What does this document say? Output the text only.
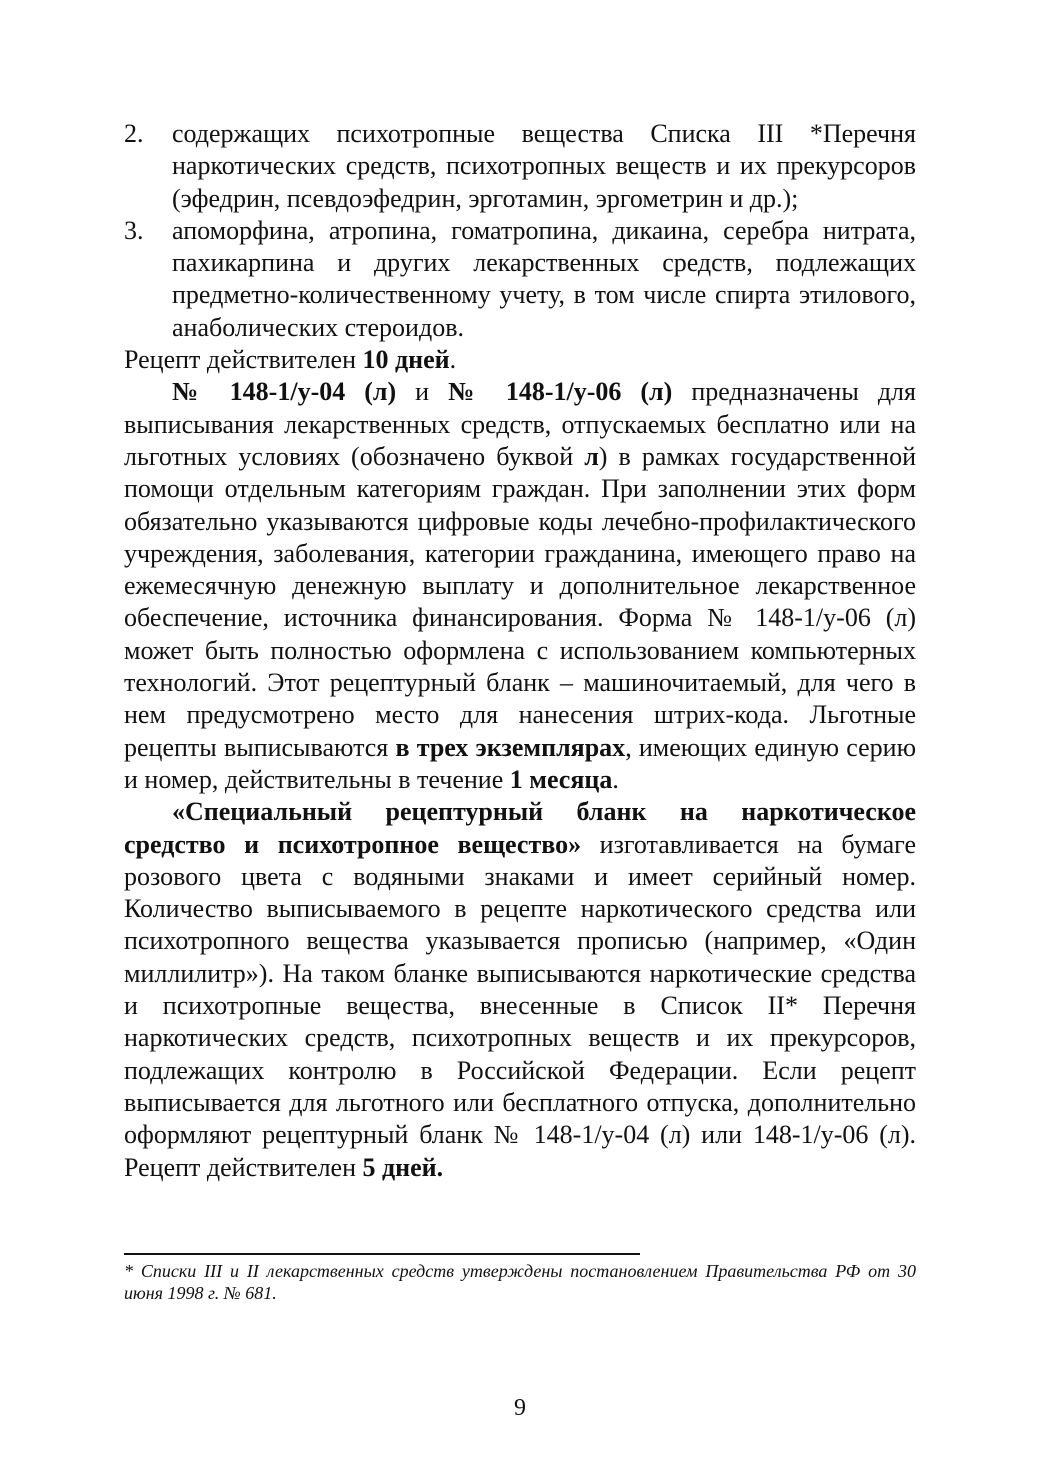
2. содержащих психотропные вещества Списка III *Перечня наркотических средств, психотропных веществ и их прекурсоров (эфедрин, псевдоэфедрин, эрготамин, эргометрин и др.);
3. апоморфина, атропина, гоматропина, дикаина, серебра нитрата, пахикарпина и других лекарственных средств, подлежащих предметно-количественному учету, в том числе спирта этилового, анаболических стероидов.

Рецепт действителен 10 дней.

№ 148-1/у-04 (л) и № 148-1/у-06 (л) предназначены для выписывания лекарственных средств, отпускаемых бесплатно или на льготных условиях (обозначено буквой л) в рамках государственной помощи отдельным категориям граждан. При заполнении этих форм обязательно указываются цифровые коды лечебно-профилактического учреждения, заболевания, категории гражданина, имеющего право на ежемесячную денежную выплату и дополнительное лекарственное обеспечение, источника финансирования. Форма № 148-1/у-06 (л) может быть полностью оформлена с использованием компьютерных технологий. Этот рецептурный бланк – машиночитаемый, для чего в нем предусмотрено место для нанесения штрих-кода. Льготные рецепты выписываются в трех экземплярах, имеющих единую серию и номер, действительны в течение 1 месяца.

«Специальный рецептурный бланк на наркотическое средство и психотропное вещество» изготавливается на бумаге розового цвета с водяными знаками и имеет серийный номер. Количество выписываемого в рецепте наркотического средства или психотропного вещества указывается прописью (например, «Один миллилитр»). На таком бланке выписываются наркотические средства и психотропные вещества, внесенные в Список II* Перечня наркотических средств, психотропных веществ и их прекурсоров, подлежащих контролю в Российской Федерации. Если рецепт выписывается для льготного или бесплатного отпуска, дополнительно оформляют рецептурный бланк № 148-1/у-04 (л) или 148-1/у-06 (л). Рецепт действителен 5 дней.

* Списки III и II лекарственных средств утверждены постановлением Правительства РФ от 30 июня 1998 г. № 681.
9
